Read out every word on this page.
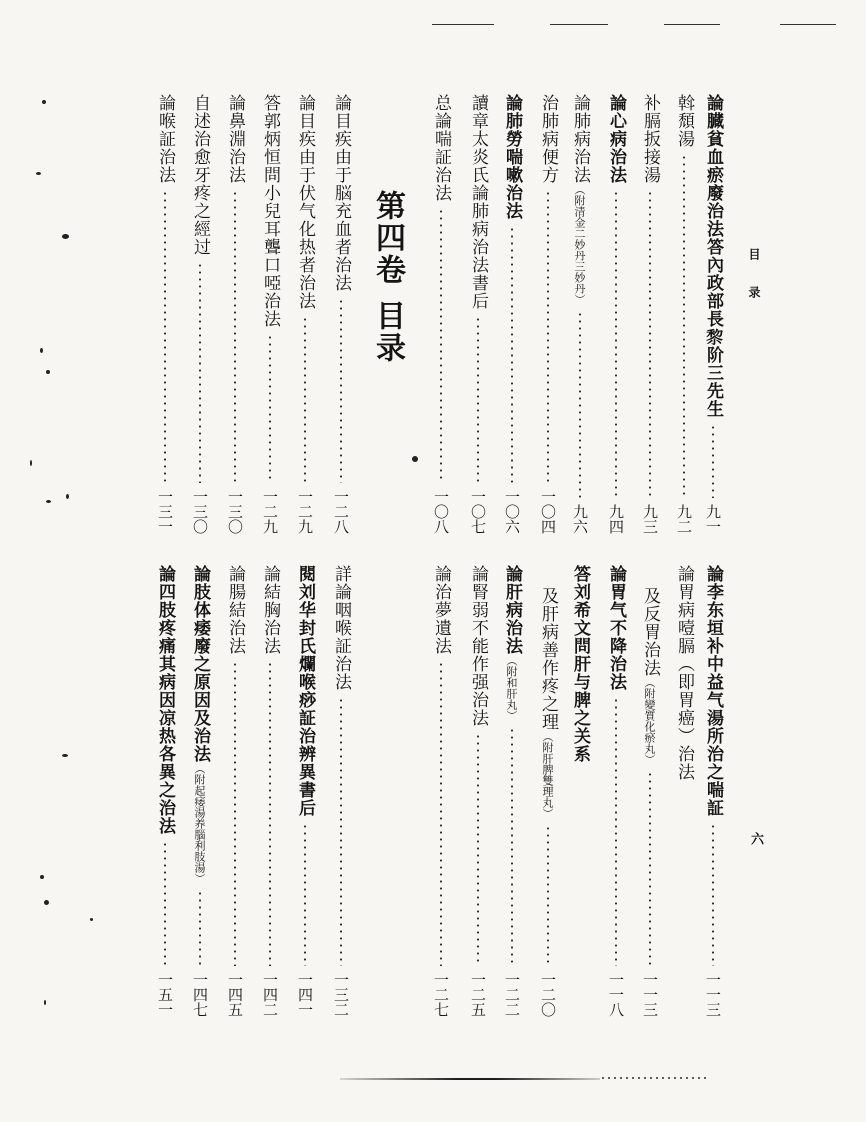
目录
六
論臓貧血瘀廢治法答內政部長𥟖阶三先生
九一
斡頹湯
九二
补膈扳接湯
九三
論心病治法
九四
論肺病治法
（附清金二妙丹三妙丹）
九六
治肺病便方
一〇四
論肺勞喘嗽治法
一〇六
讀章太炎氏論肺病治法書后
一〇七
总論喘証治法
一〇八
第四卷目录
論目疾由于脳充血者治法
一二八
論目疾由于伏气化热者治法
一二九
答郭炳恒問小兒耳聾口啞治法
一二九
論鼻淵治法
一三〇
自述治愈牙疼之經过
一三〇
論喉証治法
一三一
論李东垣补中益气湯所治之喘証
一一三
論胃病噎膈（即胃癌）治法
及反胃治法
（附變質化瘀丸）
一一三
論胃气不降治法
一一八
答刘希文問肝与脾之关系
及肝病善作疼之理
（附肝脾雙理丸）
一二〇
論肝病治法
（附和肝丸）
一二二
論腎弱不能作强治法
一二五
論治夢遺法
一二七
詳論咽喉証治法
一三二
閱刘华封氏爛喉痧証治辨異書后
一四一
論結胸治法
一四二
論腸結治法
一四五
論肢体痿廢之原因及治法
（附起痿湯养腦利肢湯）
一四七
論四肢疼痛其病因凉热各異之治法
一五一
